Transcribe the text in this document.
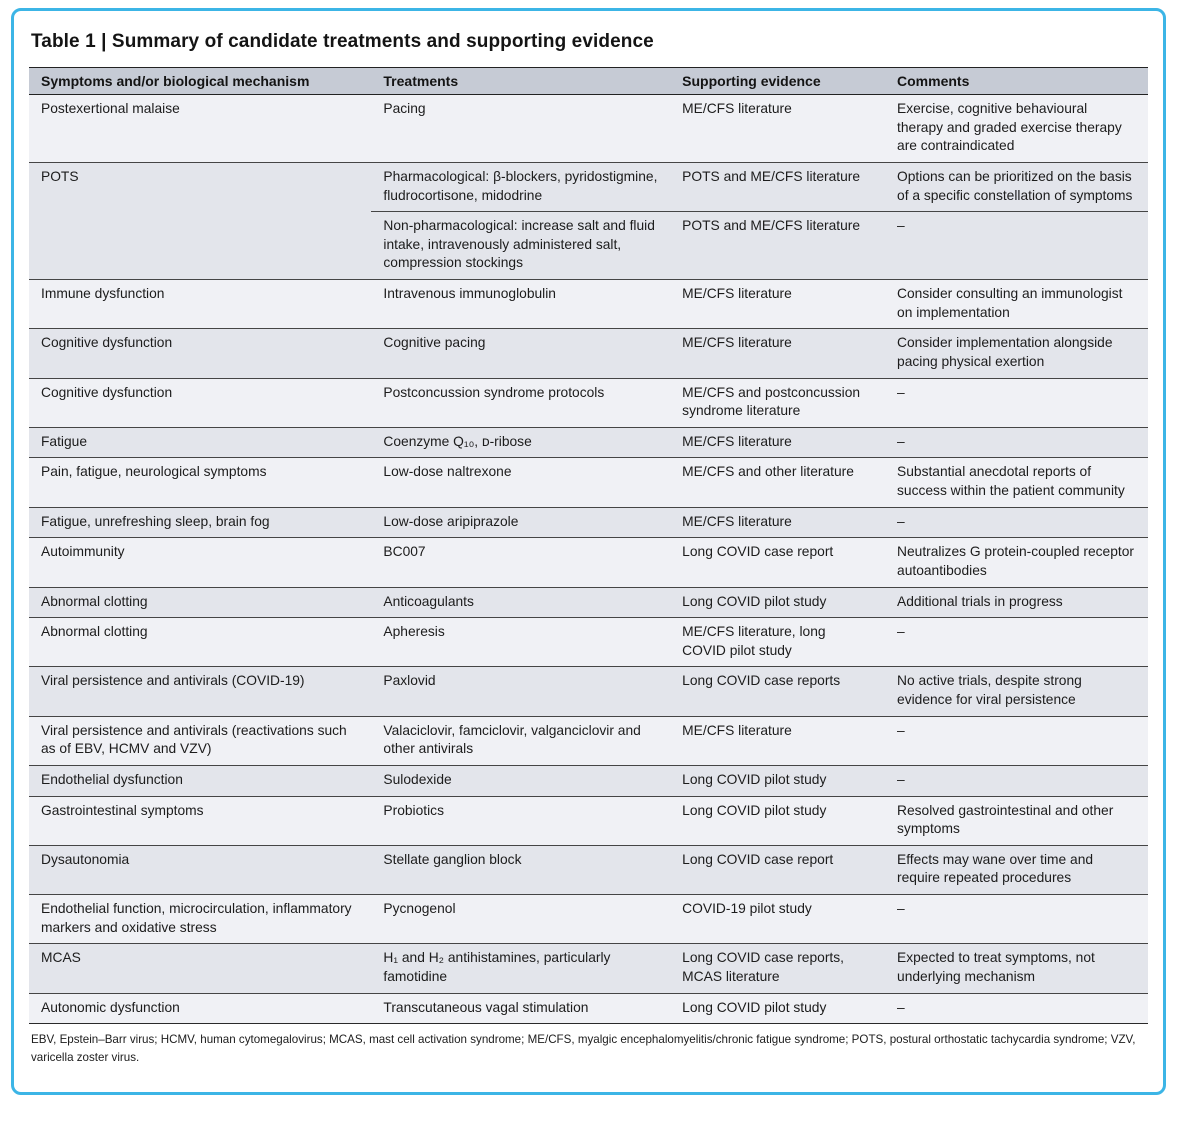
Table 1 | Summary of candidate treatments and supporting evidence
Symptoms and/or biological mechanism	Treatments	Supporting evidence	Comments
Postexertional malaise	Pacing	ME/CFS literature	Exercise, cognitive behavioural therapy and graded exercise therapy are contraindicated
POTS	Pharmacological: β-blockers, pyridostigmine, fludrocortisone, midodrine	POTS and ME/CFS literature	Options can be prioritized on the basis of a specific constellation of symptoms
	Non-pharmacological: increase salt and fluid intake, intravenously administered salt, compression stockings	POTS and ME/CFS literature	–
Immune dysfunction	Intravenous immunoglobulin	ME/CFS literature	Consider consulting an immunologist on implementation
Cognitive dysfunction	Cognitive pacing	ME/CFS literature	Consider implementation alongside pacing physical exertion
Cognitive dysfunction	Postconcussion syndrome protocols	ME/CFS and postconcussion syndrome literature	–
Fatigue	Coenzyme Q₁₀, ᴅ-ribose	ME/CFS literature	–
Pain, fatigue, neurological symptoms	Low-dose naltrexone	ME/CFS and other literature	Substantial anecdotal reports of success within the patient community
Fatigue, unrefreshing sleep, brain fog	Low-dose aripiprazole	ME/CFS literature	–
Autoimmunity	BC007	Long COVID case report	Neutralizes G protein-coupled receptor autoantibodies
Abnormal clotting	Anticoagulants	Long COVID pilot study	Additional trials in progress
Abnormal clotting	Apheresis	ME/CFS literature, long COVID pilot study	–
Viral persistence and antivirals (COVID-19)	Paxlovid	Long COVID case reports	No active trials, despite strong evidence for viral persistence
Viral persistence and antivirals (reactivations such as of EBV, HCMV and VZV)	Valaciclovir, famciclovir, valganciclovir and other antivirals	ME/CFS literature	–
Endothelial dysfunction	Sulodexide	Long COVID pilot study	–
Gastrointestinal symptoms	Probiotics	Long COVID pilot study	Resolved gastrointestinal and other symptoms
Dysautonomia	Stellate ganglion block	Long COVID case report	Effects may wane over time and require repeated procedures
Endothelial function, microcirculation, inflammatory markers and oxidative stress	Pycnogenol	COVID-19 pilot study	–
MCAS	H₁ and H₂ antihistamines, particularly famotidine	Long COVID case reports, MCAS literature	Expected to treat symptoms, not underlying mechanism
Autonomic dysfunction	Transcutaneous vagal stimulation	Long COVID pilot study	–
EBV, Epstein–Barr virus; HCMV, human cytomegalovirus; MCAS, mast cell activation syndrome; ME/CFS, myalgic encephalomyelitis/chronic fatigue syndrome; POTS, postural orthostatic tachycardia syndrome; VZV, varicella zoster virus.
